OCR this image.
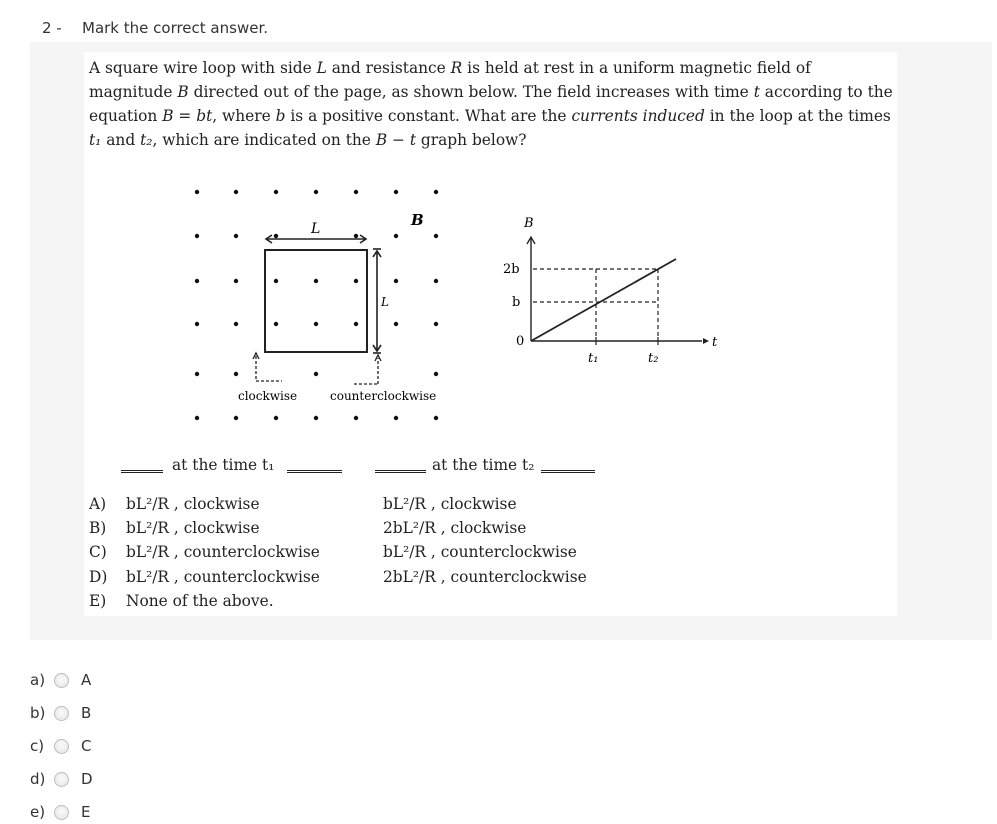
2 - Mark the correct answer.
A square wire loop with side L and resistance R is held at rest in a uniform magnetic field of magnitude B directed out of the page, as shown below. The field increases with time t according to the equation B = bt, where b is a positive constant. What are the currents induced in the loop at the times t₁ and t₂, which are indicated on the B − t graph below?
L
L
B
clockwise	counterclockwise
B
t
2b
b
0
t₁	t₂
at the time t₁	at the time t₂
A) bL²/R , clockwise	bL²/R , clockwise
B) bL²/R , clockwise	2bL²/R , clockwise
C) bL²/R , counterclockwise	bL²/R , counterclockwise
D) bL²/R , counterclockwise	2bL²/R , counterclockwise
E) None of the above.
a)	A
b)	B
c)	C
d)	D
e)	E
